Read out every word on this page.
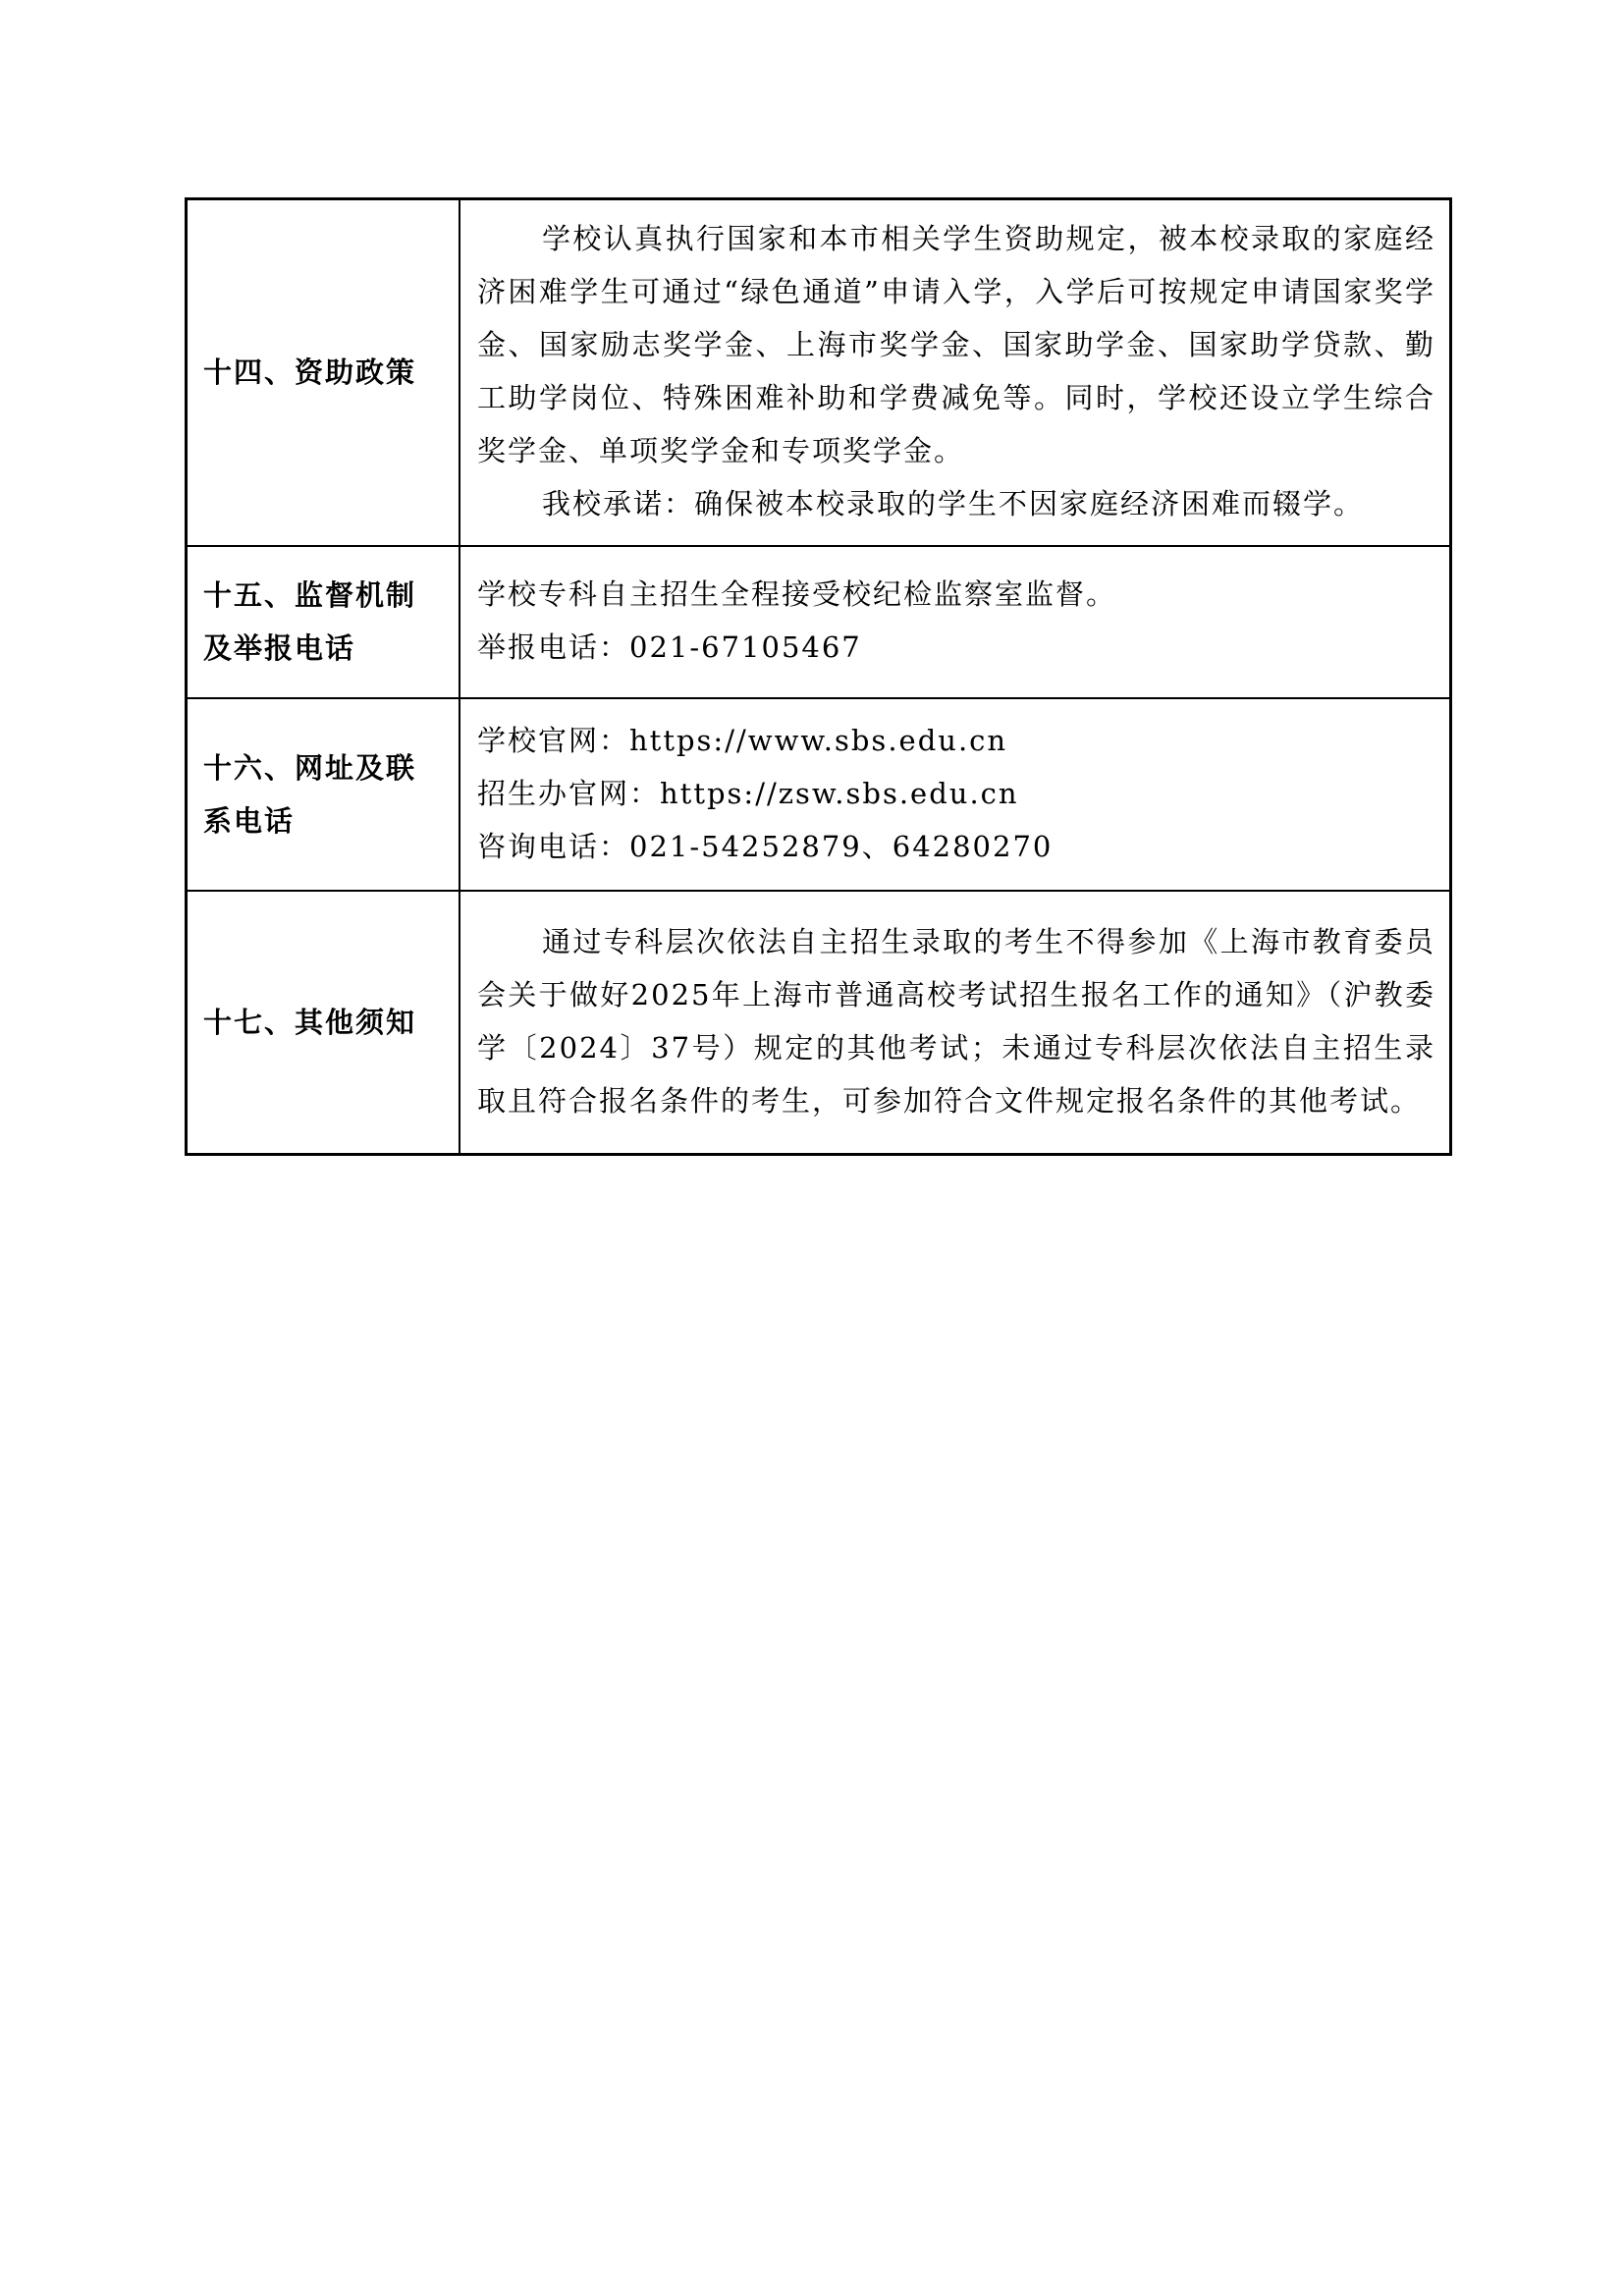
十四、资助政策	学校认真执行国家和本市相关学生资助规定，被本校录取的家庭经济困难学生可通过“绿色通道”申请入学，入学后可按规定申请国家奖学金、国家励志奖学金、上海市奖学金、国家助学金、国家助学贷款、勤工助学岗位、特殊困难补助和学费减免等。同时，学校还设立学生综合奖学金、单项奖学金和专项奖学金。

我校承诺：确保被本校录取的学生不因家庭经济困难而辍学。

十五、监督机制及举报电话	学校专科自主招生全程接受校纪检监察室监督。

举报电话：021-67105467

十六、网址及联系电话	学校官网：https://www.sbs.edu.cn

招生办官网：https://zsw.sbs.edu.cn

咨询电话：021-54252879、64280270

十七、其他须知	通过专科层次依法自主招生录取的考生不得参加《上海市教育委员会关于做好2025年上海市普通高校考试招生报名工作的通知》（沪教委学〔2024〕37号）规定的其他考试；未通过专科层次依法自主招生录取且符合报名条件的考生，可参加符合文件规定报名条件的其他考试。
